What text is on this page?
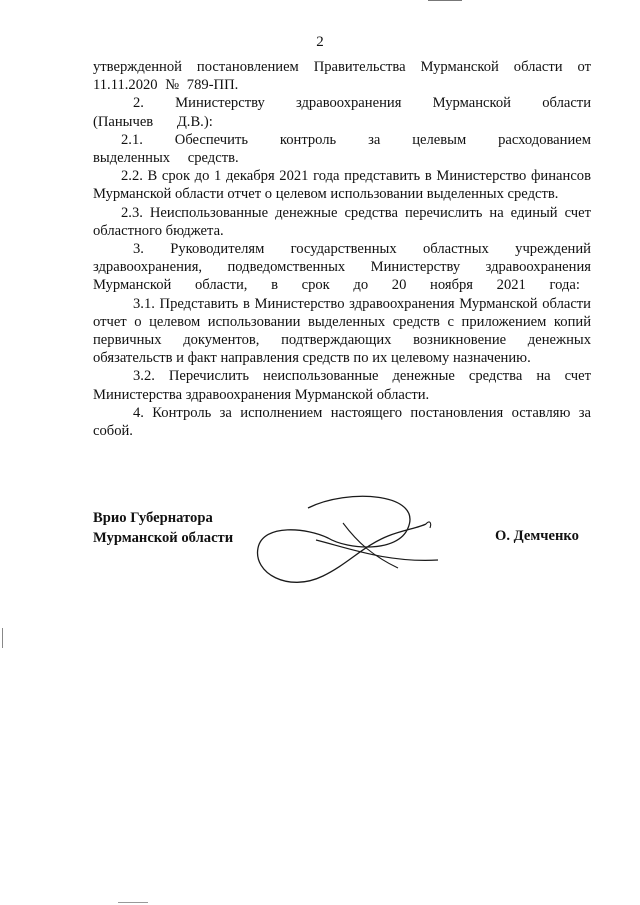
2

утвержденной постановлением Правительства Мурманской области от 11.11.2020 № 789-ПП.

2. Министерству здравоохранения Мурманской области (Панычев Д.В.):

2.1. Обеспечить контроль за целевым расходованием выделенных средств.

2.2. В срок до 1 декабря 2021 года представить в Министерство финансов Мурманской области отчет о целевом использовании выделенных средств.

2.3. Неиспользованные денежные средства перечислить на единый счет областного бюджета.

3. Руководителям государственных областных учреждений здравоохранения, подведомственных Министерству здравоохранения Мурманской области, в срок до 20 ноября 2021 года:

3.1. Представить в Министерство здравоохранения Мурманской области отчет о целевом использовании выделенных средств с приложением копий первичных документов, подтверждающих возникновение денежных обязательств и факт направления средств по их целевому назначению.

3.2. Перечислить неиспользованные денежные средства на счет Министерства здравоохранения Мурманской области.

4. Контроль за исполнением настоящего постановления оставляю за собой.

Врио Губернатора
Мурманской области	О. Демченко
